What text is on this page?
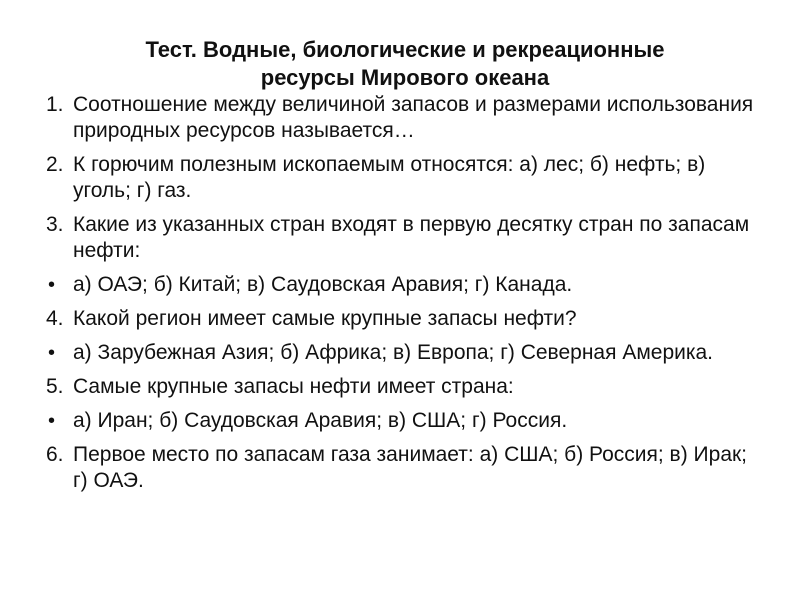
Тест. Водные, биологические и рекреационные
ресурсы Мирового океана
1. Соотношение между величиной запасов и размерами использования природных ресурсов называется…
2. К горючим полезным ископаемым относятся: а) лес; б) нефть; в) уголь; г) газ.
3. Какие из указанных стран входят в первую десятку стран по запасам нефти:
• а) ОАЭ; б) Китай; в) Саудовская Аравия; г) Канада.
4. Какой регион имеет самые крупные запасы нефти?
• а) Зарубежная Азия; б) Африка; в) Европа; г) Северная Америка.
5. Самые крупные запасы нефти имеет страна:
• а) Иран; б) Саудовская Аравия; в) США; г) Россия.
6. Первое место по запасам газа занимает: а) США; б) Россия; в) Ирак; г) ОАЭ.
